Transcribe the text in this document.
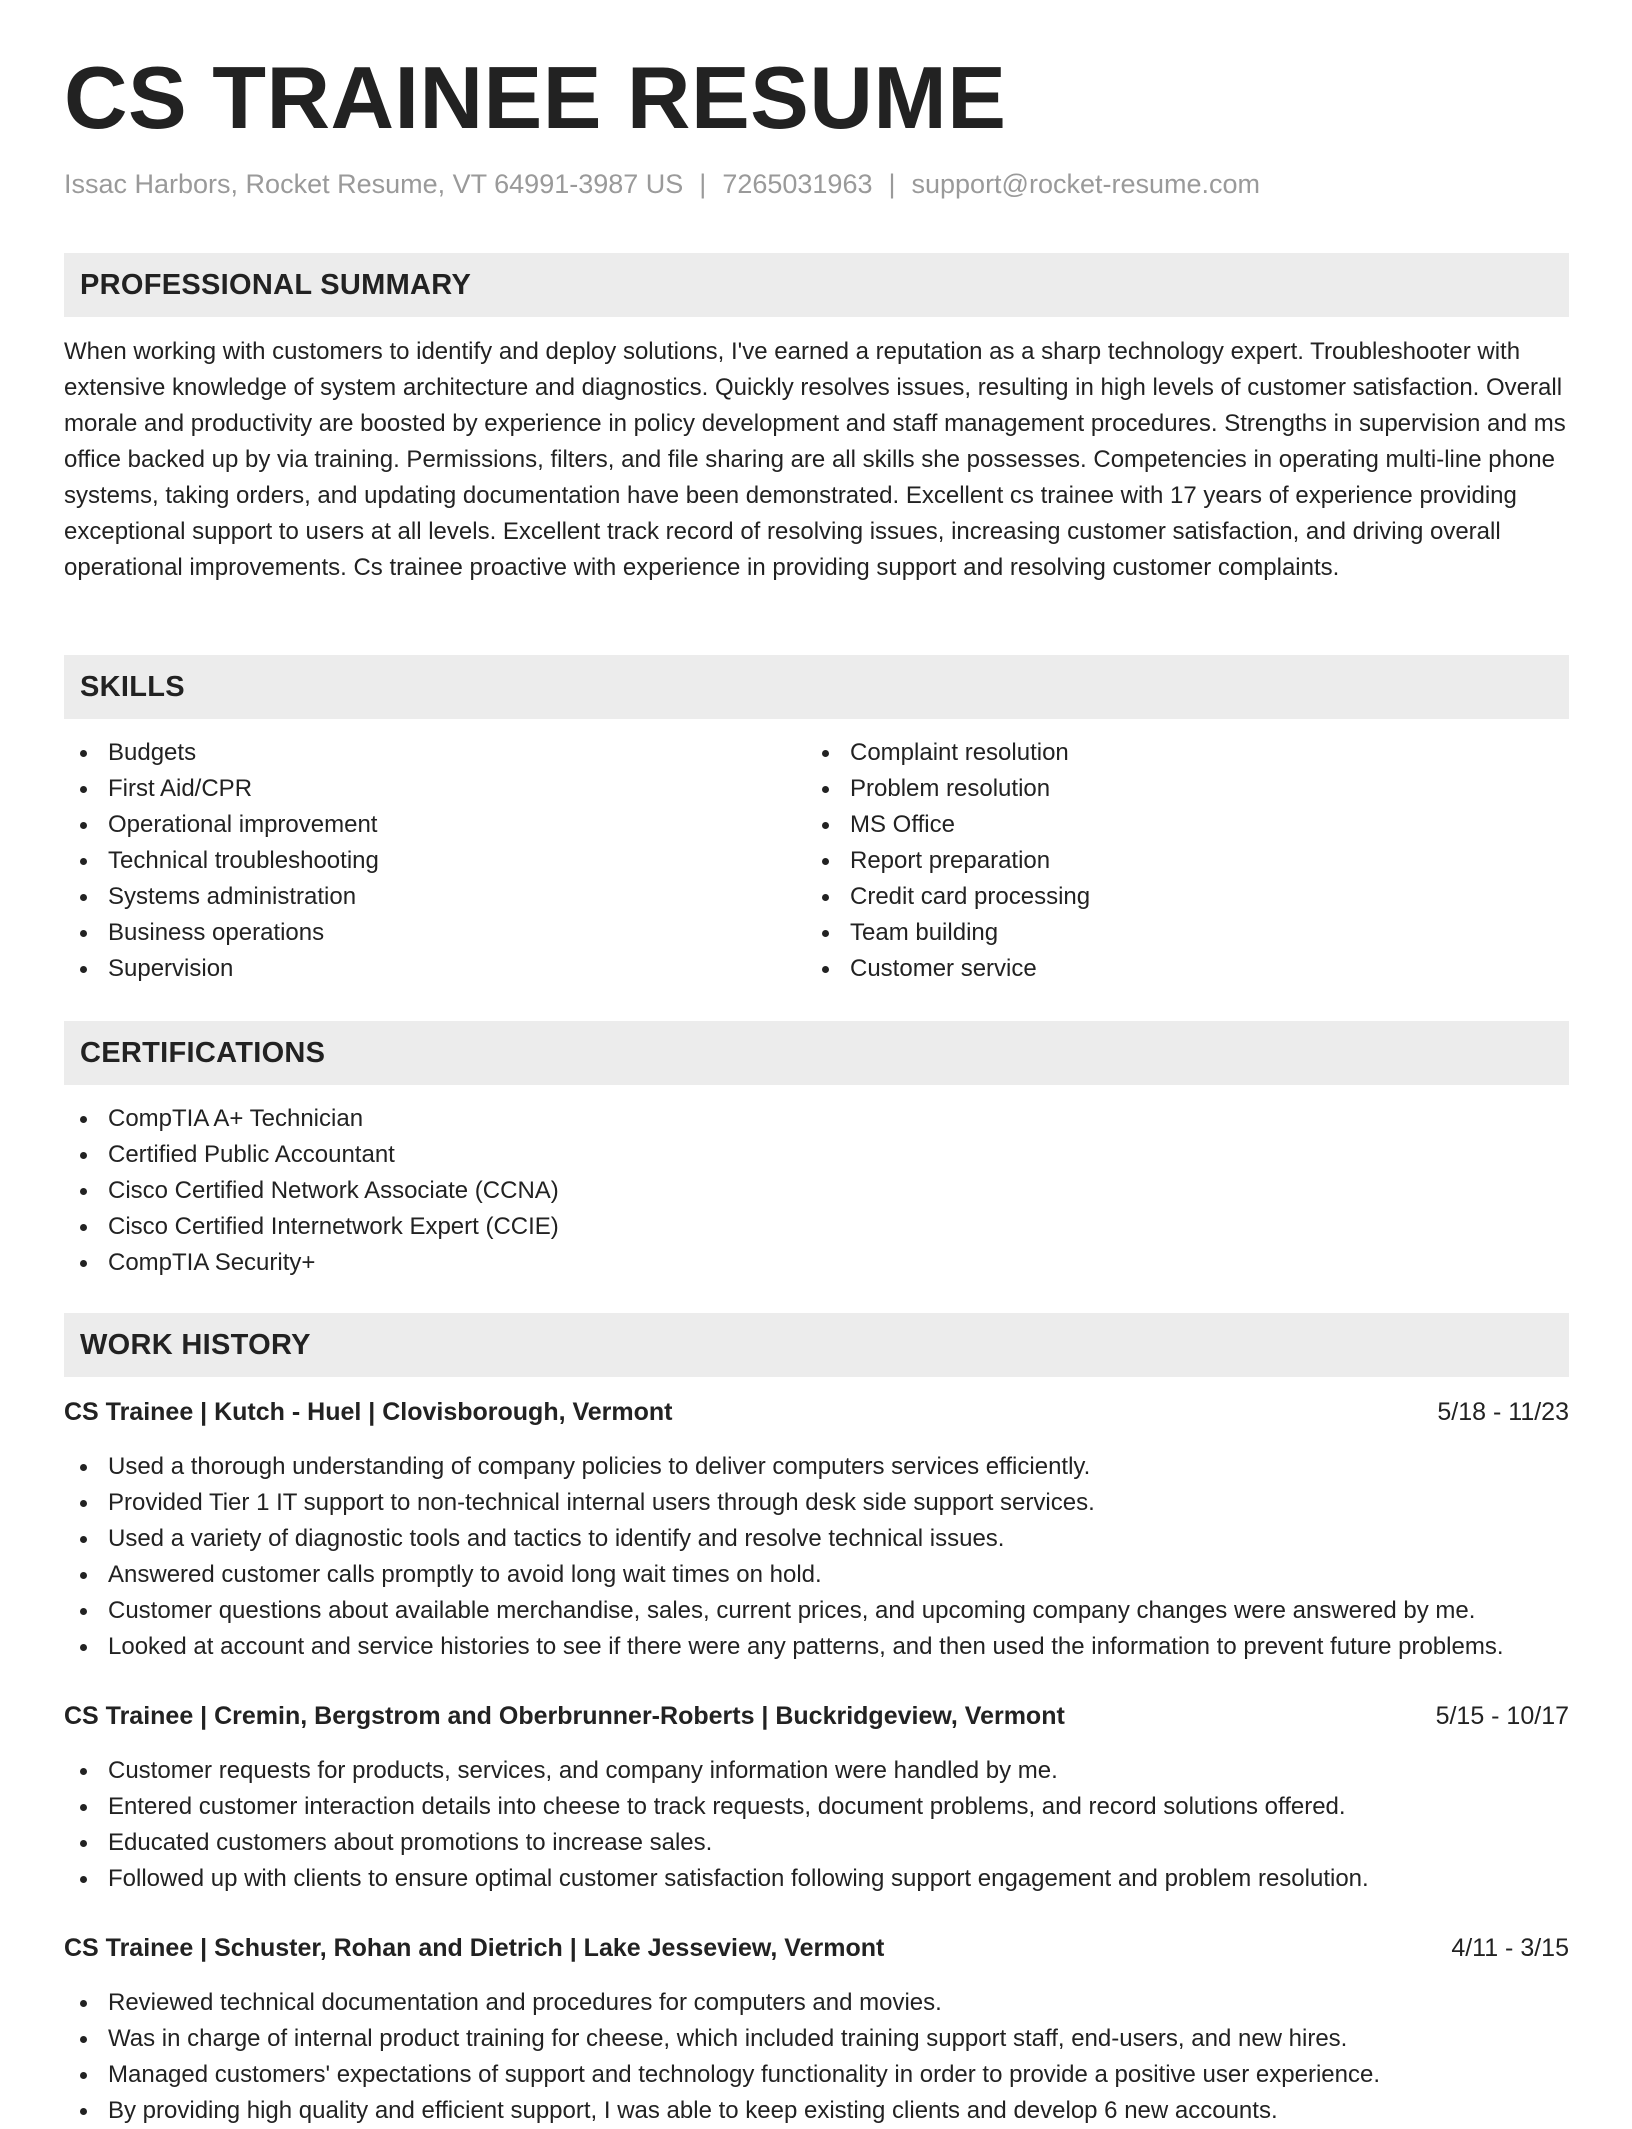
CS TRAINEE RESUME
Issac Harbors, Rocket Resume, VT 64991-3987 US | 7265031963 | support@rocket-resume.com
PROFESSIONAL SUMMARY

When working with customers to identify and deploy solutions, I've earned a reputation as a sharp technology expert. Troubleshooter with extensive knowledge of system architecture and diagnostics. Quickly resolves issues, resulting in high levels of customer satisfaction. Overall morale and productivity are boosted by experience in policy development and staff management procedures. Strengths in supervision and ms office backed up by via training. Permissions, filters, and file sharing are all skills she possesses. Competencies in operating multi-line phone systems, taking orders, and updating documentation have been demonstrated. Excellent cs trainee with 17 years of experience providing exceptional support to users at all levels. Excellent track record of resolving issues, increasing customer satisfaction, and driving overall operational improvements. Cs trainee proactive with experience in providing support and resolving customer complaints.

SKILLS
Budgets
First Aid/CPR
Operational improvement
Technical troubleshooting
Systems administration
Business operations
Supervision
Complaint resolution
Problem resolution
MS Office
Report preparation
Credit card processing
Team building
Customer service
CERTIFICATIONS
CompTIA A+ Technician
Certified Public Accountant
Cisco Certified Network Associate (CCNA)
Cisco Certified Internetwork Expert (CCIE)
CompTIA Security+
WORK HISTORY
CS Trainee | Kutch - Huel | Clovisborough, Vermont	5/18 - 11/23
Used a thorough understanding of company policies to deliver computers services efficiently.
Provided Tier 1 IT support to non-technical internal users through desk side support services.
Used a variety of diagnostic tools and tactics to identify and resolve technical issues.
Answered customer calls promptly to avoid long wait times on hold.
Customer questions about available merchandise, sales, current prices, and upcoming company changes were answered by me.
Looked at account and service histories to see if there were any patterns, and then used the information to prevent future problems.
CS Trainee | Cremin, Bergstrom and Oberbrunner-Roberts | Buckridgeview, Vermont	5/15 - 10/17
Customer requests for products, services, and company information were handled by me.
Entered customer interaction details into cheese to track requests, document problems, and record solutions offered.
Educated customers about promotions to increase sales.
Followed up with clients to ensure optimal customer satisfaction following support engagement and problem resolution.
CS Trainee | Schuster, Rohan and Dietrich | Lake Jesseview, Vermont	4/11 - 3/15
Reviewed technical documentation and procedures for computers and movies.
Was in charge of internal product training for cheese, which included training support staff, end-users, and new hires.
Managed customers' expectations of support and technology functionality in order to provide a positive user experience.
By providing high quality and efficient support, I was able to keep existing clients and develop 6 new accounts.
